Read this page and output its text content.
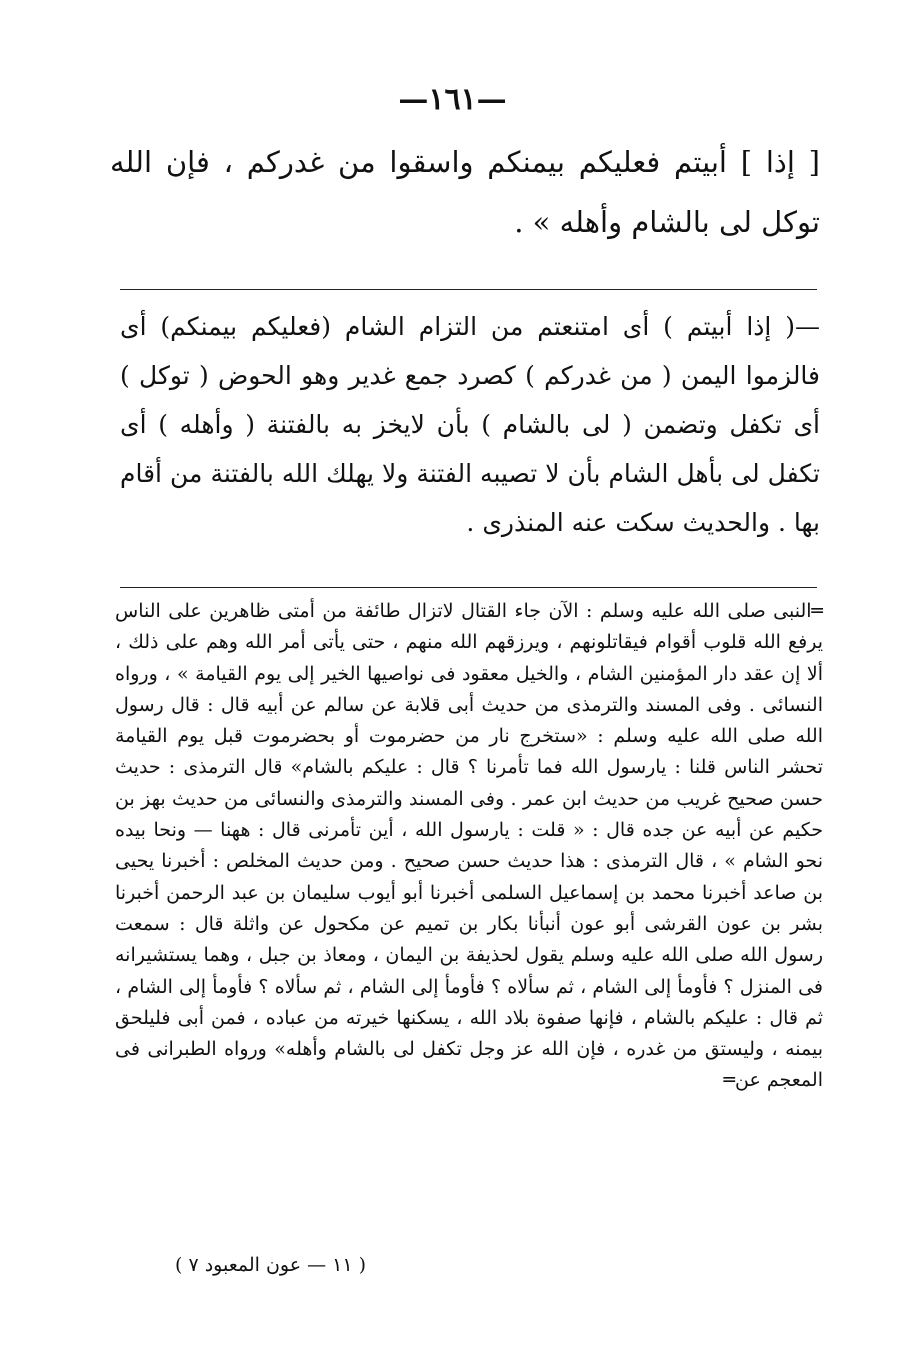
—١٦١—
[ إذا ] أبيتم فعليكم بيمنكم واسقوا من غدركم ، فإن الله توكل لى بالشام وأهله » .
—( إذا أبيتم ) أى امتنعتم من التزام الشام (فعليكم بيمنكم) أى فالزموا اليمن ( من غدركم ) كصرد جمع غدير وهو الحوض ( توكل ) أى تكفل وتضمن ( لى بالشام ) بأن لايخز به بالفتنة ( وأهله ) أى تكفل لى بأهل الشام بأن لا تصيبه الفتنة ولا يهلك الله بالفتنة من أقام بها . والحديث سكت عنه المنذرى .
═النبى صلى الله عليه وسلم : الآن جاء القتال لاتزال طائفة من أمتى ظاهرين على الناس يرفع الله قلوب أقوام فيقاتلونهم ، ويرزقهم الله منهم ، حتى يأتى أمر الله وهم على ذلك ، ألا إن عقد دار المؤمنين الشام ، والخيل معقود فى نواصيها الخير إلى يوم القيامة » ، ورواه النسائى . وفى المسند والترمذى من حديث أبى قلابة عن سالم عن أبيه قال : قال رسول الله صلى الله عليه وسلم : «ستخرج نار من حضرموت أو بحضرموت قبل يوم القيامة تحشر الناس قلنا : يارسول الله فما تأمرنا ؟ قال : عليكم بالشام» قال الترمذى : حديث حسن صحيح غريب من حديث ابن عمر . وفى المسند والترمذى والنسائى من حديث بهز بن حكيم عن أبيه عن جده قال : « قلت : يارسول الله ، أين تأمرنى قال : ههنا — ونحا بيده نحو الشام » ، قال الترمذى : هذا حديث حسن صحيح . ومن حديث المخلص : أخبرنا يحيى بن صاعد أخبرنا محمد بن إسماعيل السلمى أخبرنا أبو أيوب سليمان بن عبد الرحمن أخبرنا بشر بن عون القرشى أبو عون أنبأنا بكار بن تميم عن مكحول عن واثلة قال : سمعت رسول الله صلى الله عليه وسلم يقول لحذيفة بن اليمان ، ومعاذ بن جبل ، وهما يستشيرانه فى المنزل ؟ فأومأ إلى الشام ، ثم سألاه ؟ فأومأ إلى الشام ، ثم سألاه ؟ فأومأ إلى الشام ، ثم قال : عليكم بالشام ، فإنها صفوة بلاد الله ، يسكنها خيرته من عباده ، فمن أبى فليلحق بيمنه ، وليستق من غدره ، فإن الله عز وجل تكفل لى بالشام وأهله» ورواه الطبرانى فى المعجم عن═
( ١١ — عون المعبود ٧ )
